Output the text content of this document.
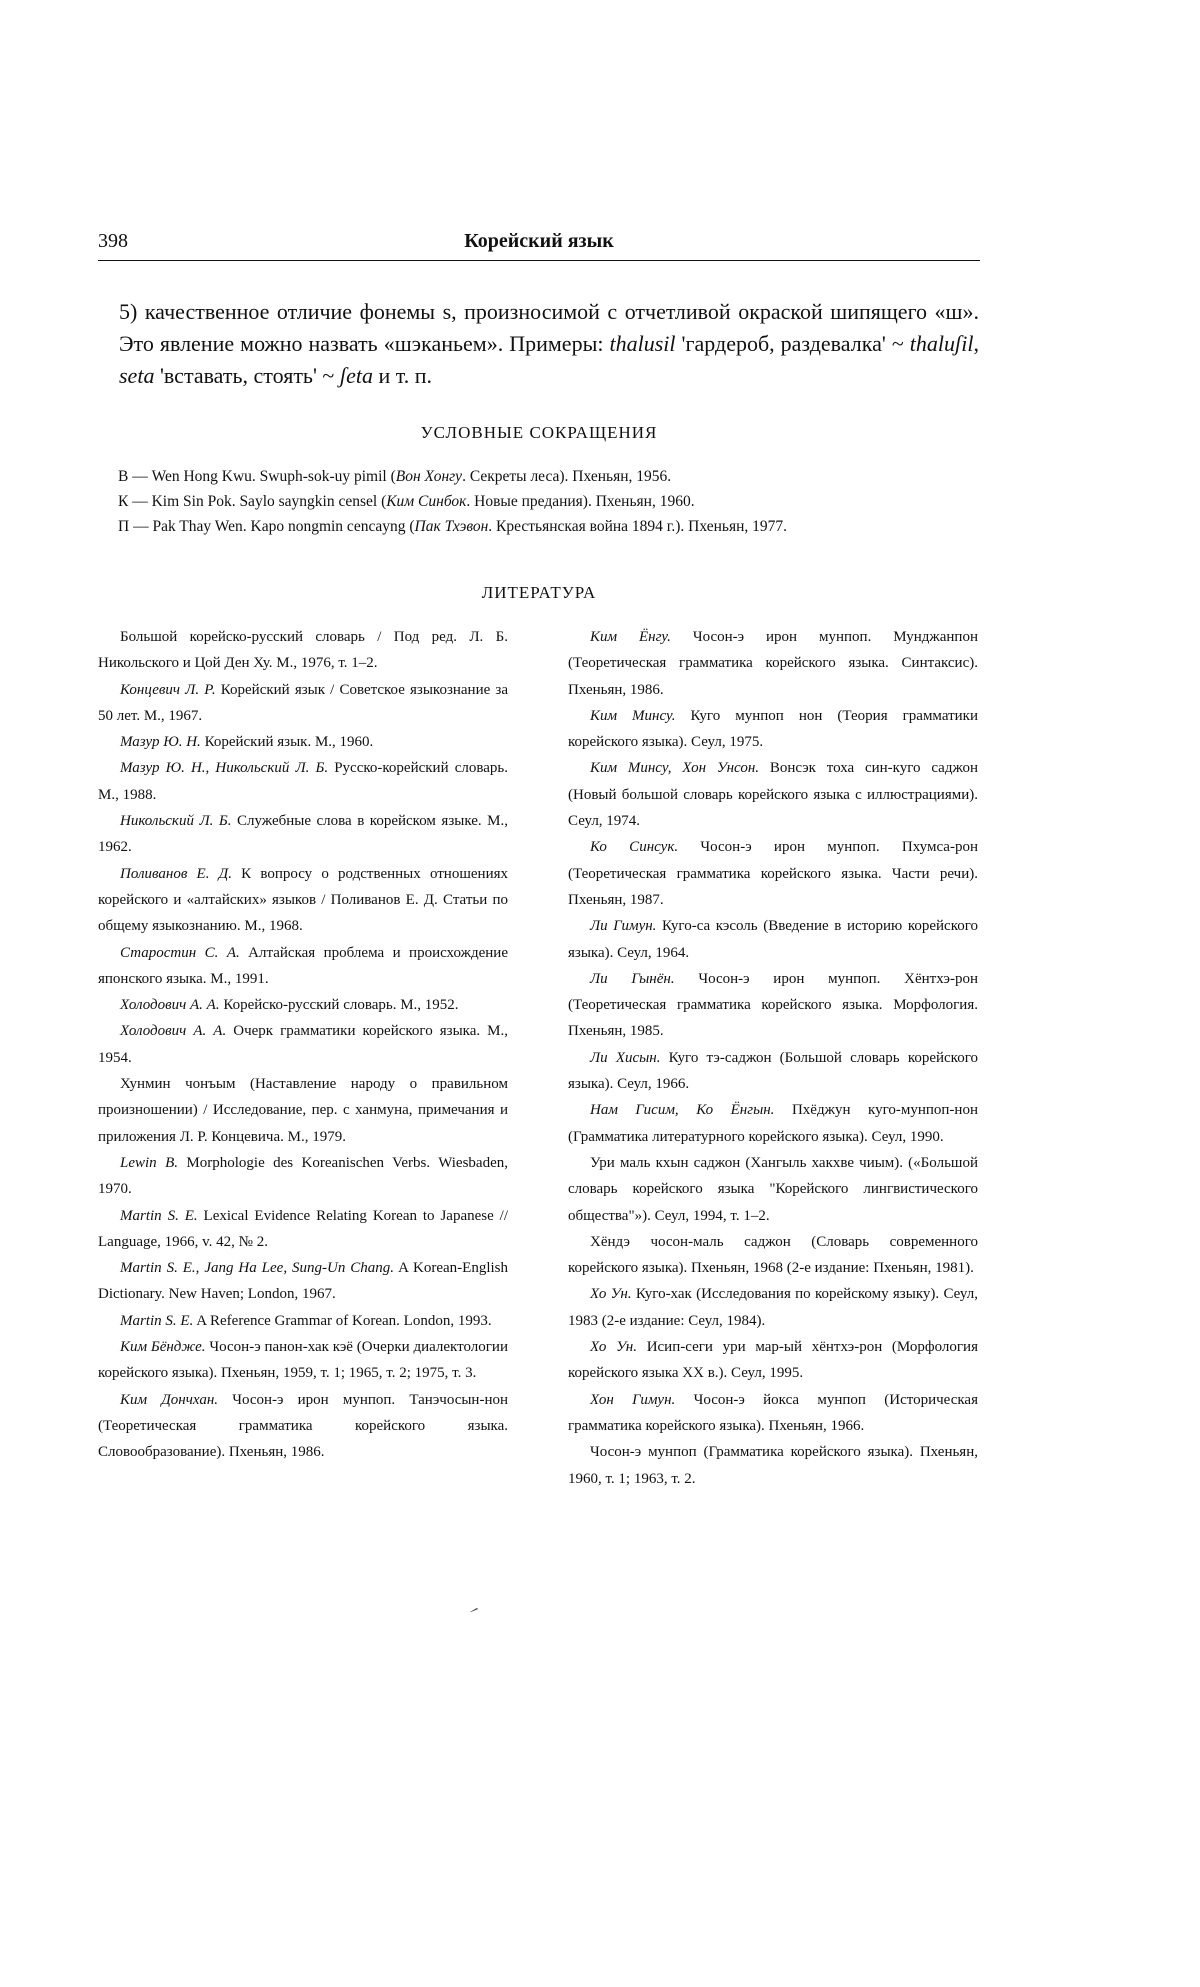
398	Корейский язык

5) качественное отличие фонемы s, произносимой с отчетливой окраской шипящего «ш». Это явление можно назвать «шэканьем». Примеры: thalusil 'гардероб, раздевалка' ~ thaluʃil, seta 'вставать, стоять' ~ ʃeta и т. п.

УСЛОВНЫЕ СОКРАЩЕНИЯ
В — Wen Hong Kwu. Swuph-sok-uy pimil (Вон Хонгу. Секреты леса). Пхеньян, 1956.
К — Kim Sin Pok. Saylo sayngkin censel (Ким Синбок. Новые предания). Пхеньян, 1960.
П — Pak Thay Wen. Kapo nongmin cencayng (Пак Тхэвон. Крестьянская война 1894 г.). Пхеньян, 1977.
ЛИТЕРАТУРА

Большой корейско-русский словарь / Под ред. Л. Б. Никольского и Цой Ден Ху. М., 1976, т. 1–2.

Концевич Л. Р. Корейский язык / Советское языкознание за 50 лет. М., 1967.

Мазур Ю. Н. Корейский язык. М., 1960.

Мазур Ю. Н., Никольский Л. Б. Русско-корейский словарь. М., 1988.

Никольский Л. Б. Служебные слова в корейском языке. М., 1962.

Поливанов Е. Д. К вопросу о родственных отношениях корейского и «алтайских» языков / Поливанов Е. Д. Статьи по общему языкознанию. М., 1968.

Старостин С. А. Алтайская проблема и происхождение японского языка. М., 1991.

Холодович А. А. Корейско-русский словарь. М., 1952.

Холодович А. А. Очерк грамматики корейского языка. М., 1954.

Хунмин чонъым (Наставление народу о правильном произношении) / Исследование, пер. с ханмуна, примечания и приложения Л. Р. Концевича. М., 1979.

Lewin B. Morphologie des Koreanischen Verbs. Wiesbaden, 1970.

Martin S. E. Lexical Evidence Relating Korean to Japanese // Language, 1966, v. 42, № 2.

Martin S. E., Jang Ha Lee, Sung-Un Chang. A Korean-English Dictionary. New Haven; London, 1967.

Martin S. E. A Reference Grammar of Korean. London, 1993.

Ким Бёндже. Чосон-э панон-хак кэё (Очерки диалектологии корейского языка). Пхеньян, 1959, т. 1; 1965, т. 2; 1975, т. 3.

Ким Дончхан. Чосон-э ирон мунпоп. Танэчосын-нон (Теоретическая грамматика корейского языка. Словообразование). Пхеньян, 1986.

Ким Ёнгу. Чосон-э ирон мунпоп. Мунджанпон (Теоретическая грамматика корейского языка. Синтаксис). Пхеньян, 1986.

Ким Минсу. Куго мунпоп нон (Теория грамматики корейского языка). Сеул, 1975.

Ким Минсу, Хон Унсон. Вонсэк тоха син-куго саджон (Новый большой словарь корейского языка с иллюстрациями). Сеул, 1974.

Ко Синсук. Чосон-э ирон мунпоп. Пхумса-рон (Теоретическая грамматика корейского языка. Части речи). Пхеньян, 1987.

Ли Гимун. Куго-са кэсоль (Введение в историю корейского языка). Сеул, 1964.

Ли Гынён. Чосон-э ирон мунпоп. Хёнтхэ-рон (Теоретическая грамматика корейского языка. Морфология. Пхеньян, 1985.

Ли Хисын. Куго тэ-саджон (Большой словарь корейского языка). Сеул, 1966.

Нам Гисим, Ко Ёнгын. Пхёджун куго-мунпоп-нон (Грамматика литературного корейского языка). Сеул, 1990.

Ури маль кхын саджон (Хангыль хакхве чиым). («Большой словарь корейского языка "Корейского лингвистического общества"»). Сеул, 1994, т. 1–2.

Хёндэ чосон-маль саджон (Словарь современного корейского языка). Пхеньян, 1968 (2-е издание: Пхеньян, 1981).

Хо Ун. Куго-хак (Исследования по корейскому языку). Сеул, 1983 (2-е издание: Сеул, 1984).

Хо Ун. Исип-сеги ури мар-ый хёнтхэ-рон (Морфология корейского языка XX в.). Сеул, 1995.

Хон Гимун. Чосон-э йокса мунпоп (Историческая грамматика корейского языка). Пхеньян, 1966.

Чосон-э мунпоп (Грамматика корейского языка). Пхеньян, 1960, т. 1; 1963, т. 2.
